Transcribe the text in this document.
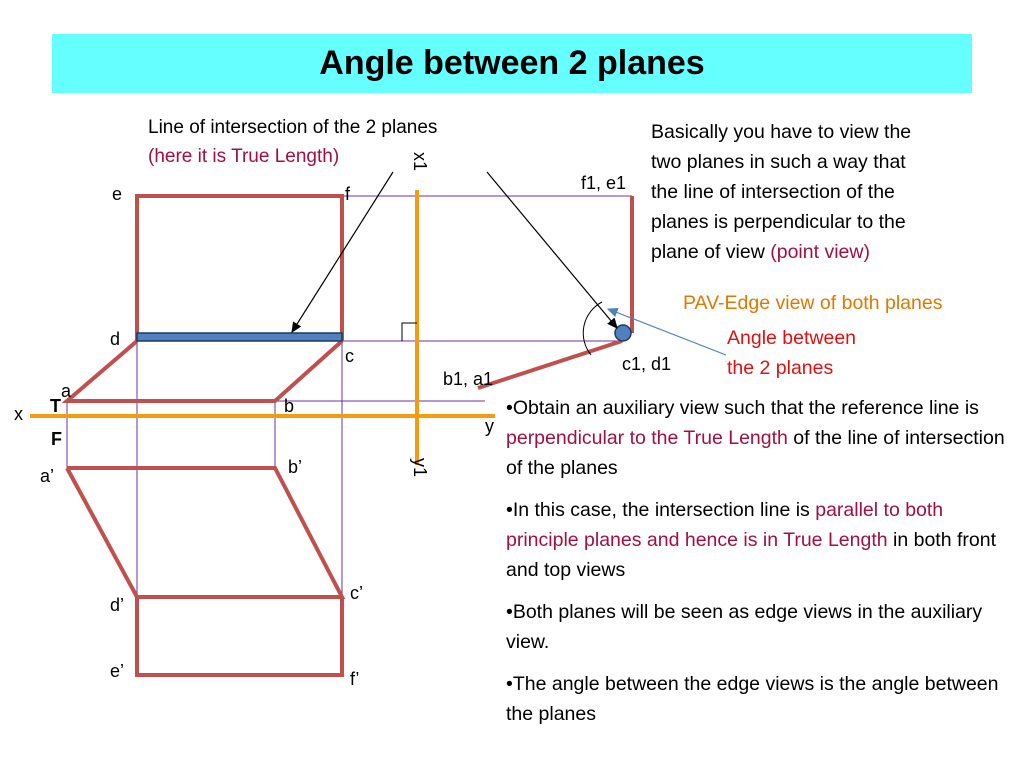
Angle between 2 planes
e	f
d
c
a
b
a’	b’
c’
d’
e’	f’
f1, e1
c1, d1
b1, a1
x
y
T
F
x1
y1
Line of intersection of the 2 planes
(here it is True Length)
Basically you have to view the
two planes in such a way that
the line of intersection of the
planes is perpendicular to the
plane of view (point view)
PAV-Edge view of both planes
Angle between
the 2 planes

•Obtain an auxiliary view such that the reference line is perpendicular to the True Length of the line of intersection of the planes

•In this case, the intersection line is parallel to both principle planes and hence is in True Length in both front and top views

•Both planes will be seen as edge views in the auxiliary view.

•The angle between the edge views is the angle between the planes
